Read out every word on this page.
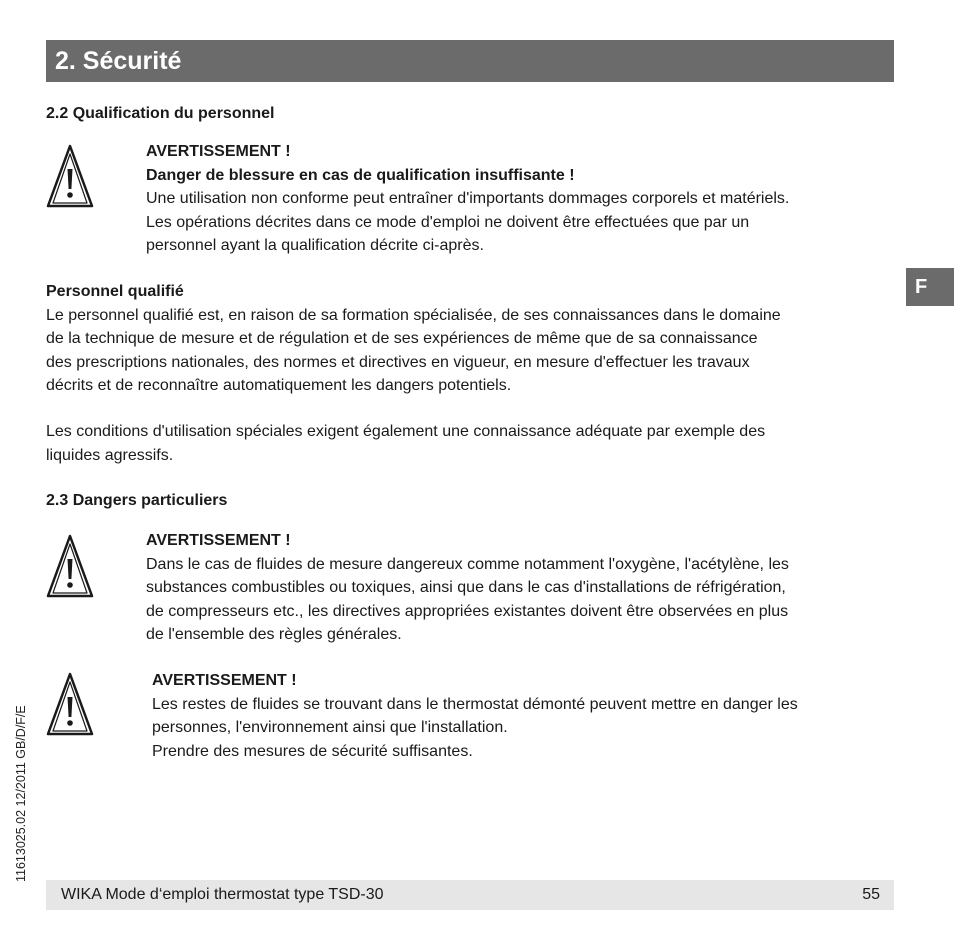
2. Sécurité
F
2.2 Qualification du personnel
AVERTISSEMENT !
Danger de blessure en cas de qualification insuffisante !
Une utilisation non conforme peut entraîner d'importants dommages corporels et matériels.
Les opérations décrites dans ce mode d'emploi ne doivent être effectuées que par un
personnel ayant la qualification décrite ci-après.
Personnel qualifié
Le personnel qualifié est, en raison de sa formation spécialisée, de ses connaissances dans le domaine
de la technique de mesure et de régulation et de ses expériences de même que de sa connaissance
des prescriptions nationales, des normes et directives en vigueur, en mesure d'effectuer les travaux
décrits et de reconnaître automatiquement les dangers potentiels.
Les conditions d'utilisation spéciales exigent également une connaissance adéquate par exemple des
liquides agressifs.
2.3 Dangers particuliers
AVERTISSEMENT !
Dans le cas de fluides de mesure dangereux comme notamment l'oxygène, l'acétylène, les
substances combustibles ou toxiques, ainsi que dans le cas d'installations de réfrigération,
de compresseurs etc., les directives appropriées existantes doivent être observées en plus
de l'ensemble des règles générales.
AVERTISSEMENT !
Les restes de fluides se trouvant dans le thermostat démonté peuvent mettre en danger les
personnes, l'environnement ainsi que l'installation.
Prendre des mesures de sécurité suffisantes.
11613025.02 12/2011 GB/D/F/E
WIKA Mode d‘emploi thermostat type TSD-30	55
